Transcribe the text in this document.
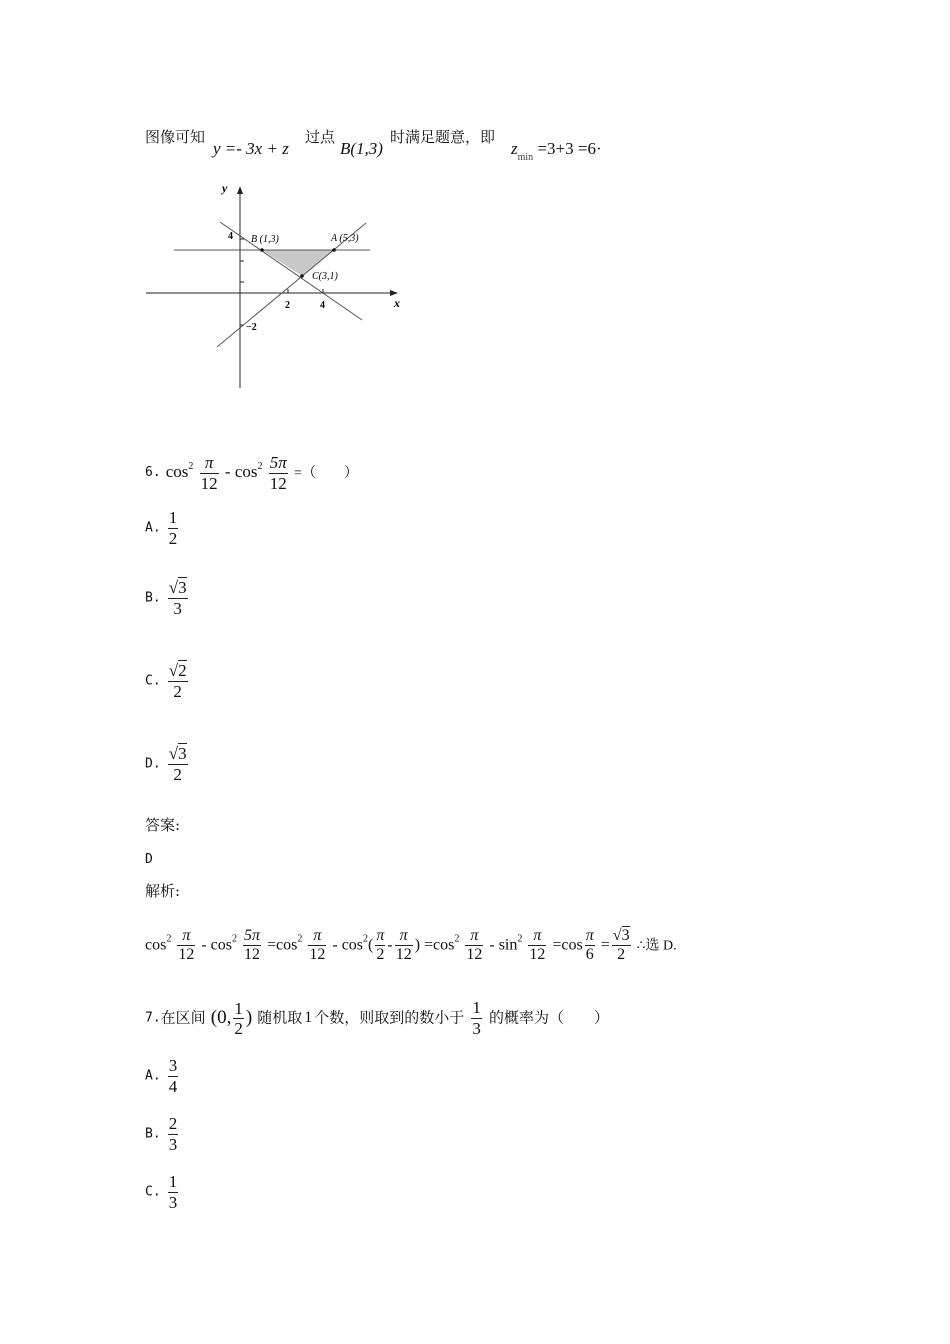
图像可知
y =- 3x + z
过点
B(1,3)
时满足题意，即
$z_{min} =3+3 =6\cdot$
y
x
4
−2
2	4
B (1,3)	A (5,3)
C(3,1)
6. $\cos^2 \frac{\pi}{12} - \cos^2 \frac{5\pi}{12}$ =（　　）
A. $\frac{1}{2}$
B. $\frac{√3}{3}$
C. $\frac{√2}{2}$
D. $\frac{√3}{2}$
答案:
D
解析:
$\cos^2 \frac{\pi}{12} - \cos^2 \frac{5\pi}{12} =\cos^2 \frac{\pi}{12} - \cos^2( \frac{\pi}{2} - \frac{\pi}{12}$ ) $=\cos^2 \frac{\pi}{12} - \sin^2 \frac{\pi}{12} =\cos \frac{\pi}{6} = \frac{√3}{2}$ ∴选 D.
7.在区间 (0, $\frac{1}{2}$ ) 随机取 1 个数，则取到的数小于 $\frac{1}{3}$ 的概率为（　　）
A. $\frac{3}{4}$
B. $\frac{2}{3}$
C. $\frac{1}{3}$
